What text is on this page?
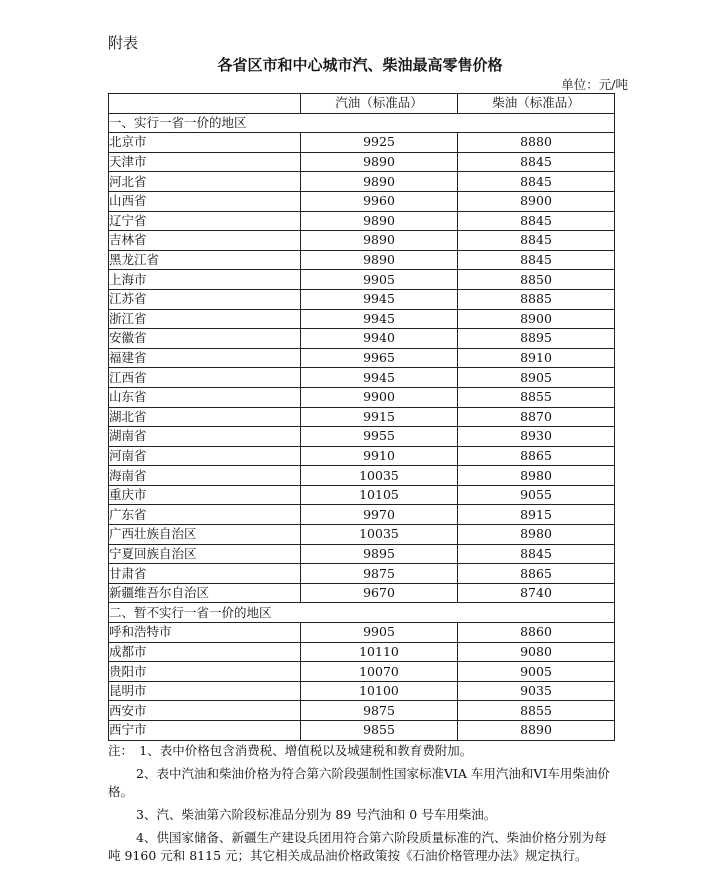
附表
各省区市和中心城市汽、柴油最高零售价格
单位：元/吨
	汽油（标准品）	柴油（标准品）
一、实行一省一价的地区		
北京市	9925	8880
天津市	9890	8845
河北省	9890	8845
山西省	9960	8900
辽宁省	9890	8845
吉林省	9890	8845
黑龙江省	9890	8845
上海市	9905	8850
江苏省	9945	8885
浙江省	9945	8900
安徽省	9940	8895
福建省	9965	8910
江西省	9945	8905
山东省	9900	8855
湖北省	9915	8870
湖南省	9955	8930
河南省	9910	8865
海南省	10035	8980
重庆市	10105	9055
广东省	9970	8915
广西壮族自治区	10035	8980
宁夏回族自治区	9895	8845
甘肃省	9875	8865
新疆维吾尔自治区	9670	8740
二、暂不实行一省一价的地区		
呼和浩特市	9905	8860
成都市	10110	9080
贵阳市	10070	9005
昆明市	10100	9035
西安市	9875	8855
西宁市	9855	8890

注：　1、表中价格包含消费税、增值税以及城建税和教育费附加。

2、表中汽油和柴油价格为符合第六阶段强制性国家标准VIA 车用汽油和VI车用柴油价格。

3、汽、柴油第六阶段标准品分别为 89 号汽油和 0 号车用柴油。

4、供国家储备、新疆生产建设兵团用符合第六阶段质量标准的汽、柴油价格分别为每吨 9160 元和 8115 元；其它相关成品油价格政策按《石油价格管理办法》规定执行。
